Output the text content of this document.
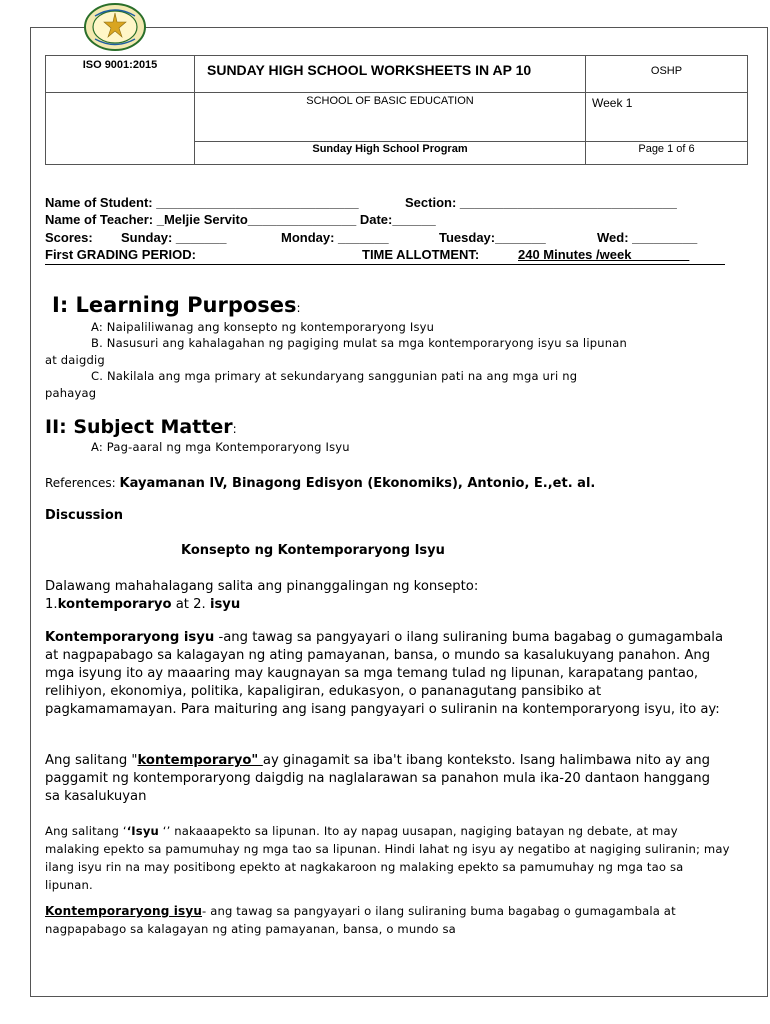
ISO 9001:2015	SUNDAY HIGH SCHOOL WORKSHEETS IN AP 10	OSHP
	SCHOOL OF BASIC EDUCATION	Week 1
	Sunday High School Program	Page 1 of 6
Name of Student: ____________________________	Section: ______________________________
Name of Teacher: _Meljie Servito_______________ Date:______
Scores: Sunday: _______	Monday: _______	Tuesday:_______	Wed: _________
First GRADING PERIOD:	TIME ALLOTMENT:	240 Minutes /week________
I: Learning Purposes:
A: Naipaliliwanag ang konsepto ng kontemporaryong Isyu
B. Nasusuri ang kahalagahan ng pagiging mulat sa mga kontemporaryong isyu sa lipunan
at daigdig
C. Nakilala ang mga primary at sekundaryang sanggunian pati na ang mga uri ng
pahayag
II: Subject Matter:
A: Pag-aaral ng mga Kontemporaryong Isyu
References: Kayamanan IV, Binagong Edisyon (Ekonomiks), Antonio, E.,et. al.
Discussion
Konsepto ng Kontemporaryong Isyu
Dalawang mahahalagang salita ang pinanggalingan ng konsepto:
1.kontemporaryo at 2. isyu
Kontemporaryong isyu -ang tawag sa pangyayari o ilang suliraning buma bagabag o gumagambala at nagpapabago sa kalagayan ng ating pamayanan, bansa, o mundo sa kasalukuyang panahon. Ang mga isyung ito ay maaaring may kaugnayan sa mga temang tulad ng lipunan, karapatang pantao, relihiyon, ekonomiya, politika, kapaligiran, edukasyon, o pananagutang pansibiko at pagkamamamayan. Para maituring ang isang pangyayari o suliranin na kontemporaryong isyu, ito ay:
Ang salitang "kontemporaryo" ay ginagamit sa iba't ibang konteksto. Isang halimbawa nito ay ang paggamit ng kontemporaryong daigdig na naglalarawan sa panahon mula ika-20 dantaon hanggang sa kasalukuyan
Ang salitang ‘‘Isyu ‘’ nakaaapekto sa lipunan. Ito ay napag uusapan, nagiging batayan ng debate, at may malaking epekto sa pamumuhay ng mga tao sa lipunan. Hindi lahat ng isyu ay negatibo at nagiging suliranin; may ilang isyu rin na may positibong epekto at nagkakaroon ng malaking epekto sa pamumuhay ng mga tao sa lipunan.
Kontemporaryong isyu- ang tawag sa pangyayari o ilang suliraning buma bagabag o gumagambala at nagpapabago sa kalagayan ng ating pamayanan, bansa, o mundo sa
